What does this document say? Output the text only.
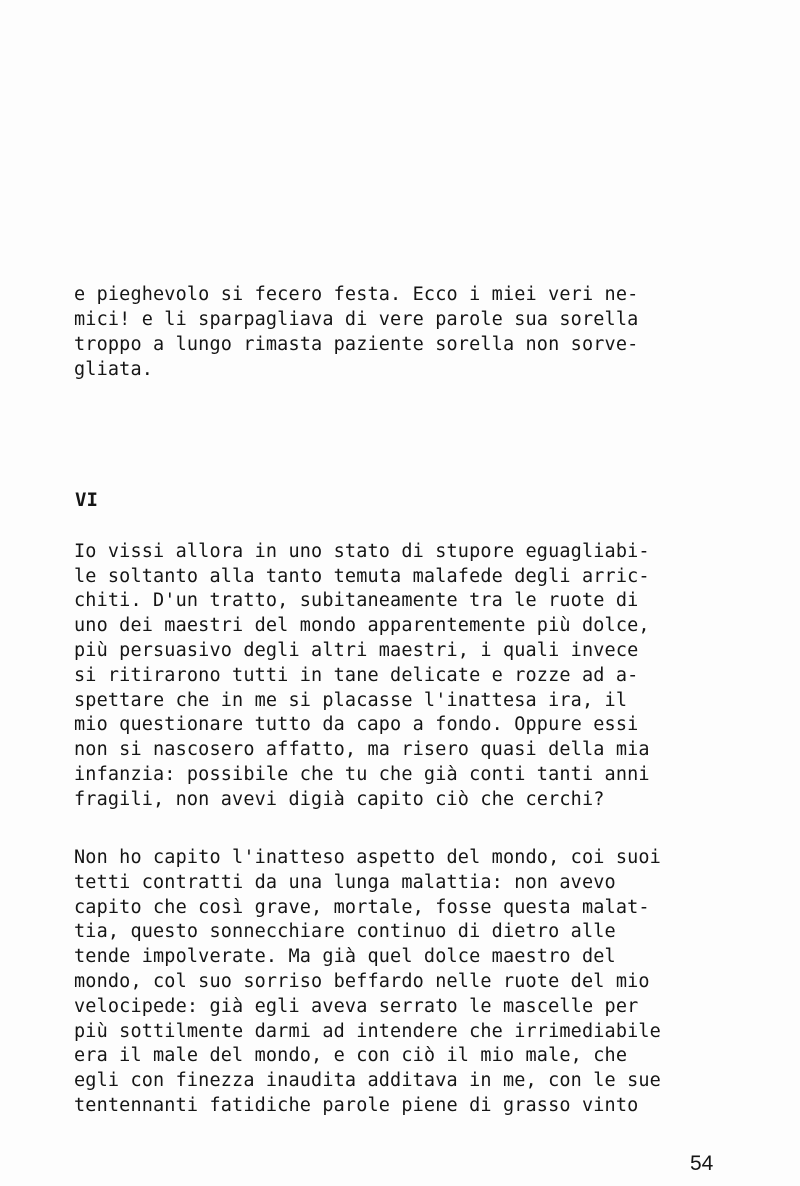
e pieghevolo si fecero festa. Ecco i miei veri ne-

mici! e li sparpagliava di vere parole sua sorella

troppo a lungo rimasta paziente sorella non sorve-

gliata.

VI

Io vissi allora in uno stato di stupore eguagliabi-

le soltanto alla tanto temuta malafede degli arric-

chiti. D'un tratto, subitaneamente tra le ruote di

uno dei maestri del mondo apparentemente più dolce,

più persuasivo degli altri maestri, i quali invece

si ritirarono tutti in tane delicate e rozze ad a-

spettare che in me si placasse l'inattesa ira, il

mio questionare tutto da capo a fondo. Oppure essi

non si nascosero affatto, ma risero quasi della mia

infanzia: possibile che tu che già conti tanti anni

fragili, non avevi digià capito ciò che cerchi?

Non ho capito l'inatteso aspetto del mondo, coi suoi

tetti contratti da una lunga malattia: non avevo

capito che così grave, mortale, fosse questa malat-

tia, questo sonnecchiare continuo di dietro alle

tende impolverate. Ma già quel dolce maestro del

mondo, col suo sorriso beffardo nelle ruote del mio

velocipede: già egli aveva serrato le mascelle per

più sottilmente darmi ad intendere che irrimediabile

era il male del mondo, e con ciò il mio male, che

egli con finezza inaudita additava in me, con le sue

tentennanti fatidiche parole piene di grasso vinto

54
